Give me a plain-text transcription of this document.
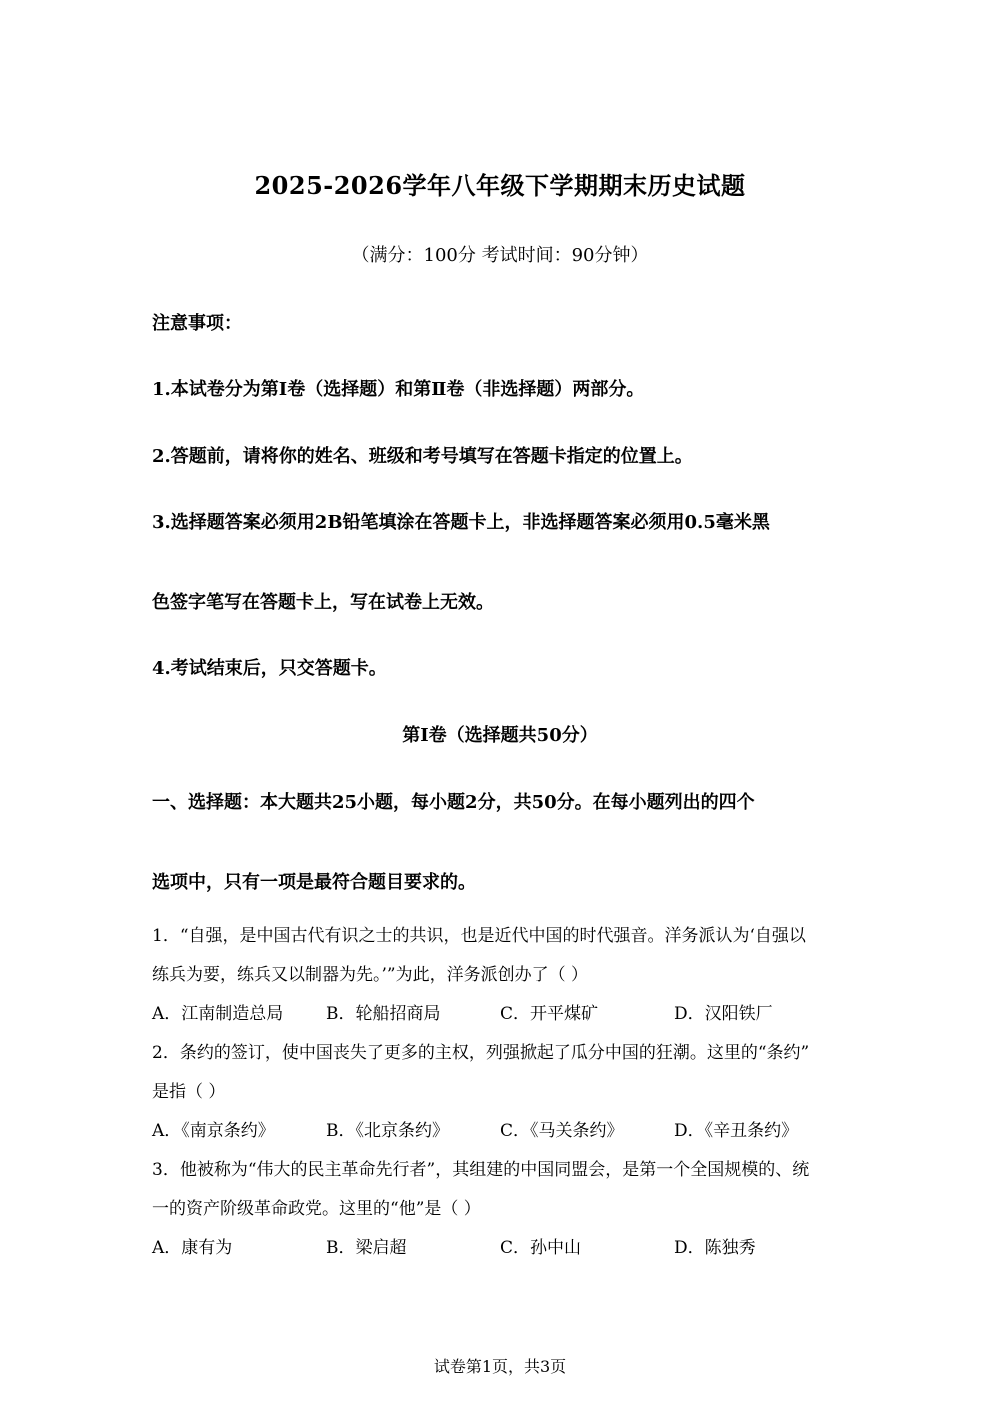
2025-2026学年八年级下学期期末历史试题
（满分：100分 考试时间：90分钟）
注意事项：
1.本试卷分为第Ⅰ卷（选择题）和第Ⅱ卷（非选择题）两部分。
2.答题前，请将你的姓名、班级和考号填写在答题卡指定的位置上。
3.选择题答案必须用2B铅笔填涂在答题卡上，非选择题答案必须用0.5毫米黑
色签字笔写在答题卡上，写在试卷上无效。
4.考试结束后，只交答题卡。
第Ⅰ卷（选择题共50分）
一、选择题：本大题共25小题，每小题2分，共50分。在每小题列出的四个
选项中，只有一项是最符合题目要求的。
1．“自强，是中国古代有识之士的共识，也是近代中国的时代强音。洋务派认为‘自强以
练兵为要，练兵又以制器为先。’”为此，洋务派创办了（ ）
A．江南制造总局	B．轮船招商局	C．开平煤矿	D．汉阳铁厂
2．条约的签订，使中国丧失了更多的主权，列强掀起了瓜分中国的狂潮。这里的“条约”
是指（ ）
A．《南京条约》	B．《北京条约》	C．《马关条约》	D．《辛丑条约》
3．他被称为“伟大的民主革命先行者”，其组建的中国同盟会，是第一个全国规模的、统
一的资产阶级革命政党。这里的“他”是（ ）
A．康有为	B．梁启超	C．孙中山	D．陈独秀
试卷第1页，共3页
